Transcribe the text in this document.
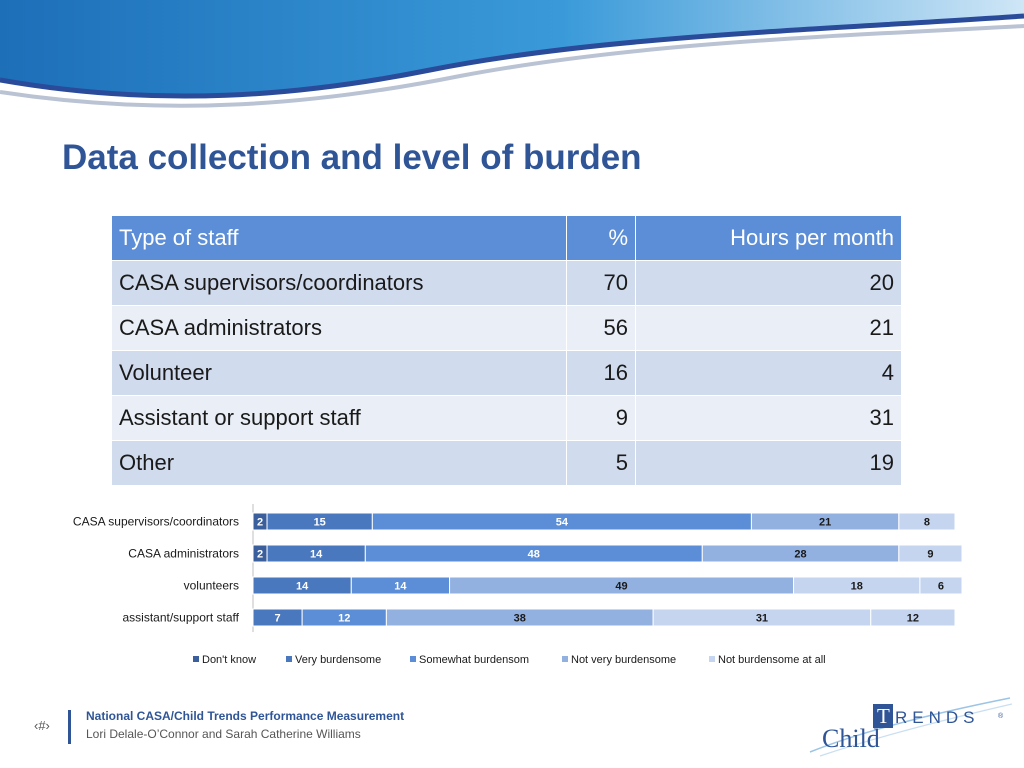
Data collection and level of burden
Type of staff	%	Hours per month
CASA supervisors/coordinators	70	20
CASA administrators	56	21
Volunteer	16	4
Assistant or support staff	9	31
Other	5	19
CASA supervisors/coordinators 2	15	54	21	8
CASA administrators 2	14	48	28	9
volunteers	14	14	49	18	6
assistant/support staff	7	12	38	31	12
Don't know	Very burdensome	Somewhat burdensom	Not very burdensome	Not burdensome at all
‹#›
National CASA/Child Trends Performance Measurement
Lori Delale-O’Connor and Sarah Catherine Williams
T RENDS	®
Child
